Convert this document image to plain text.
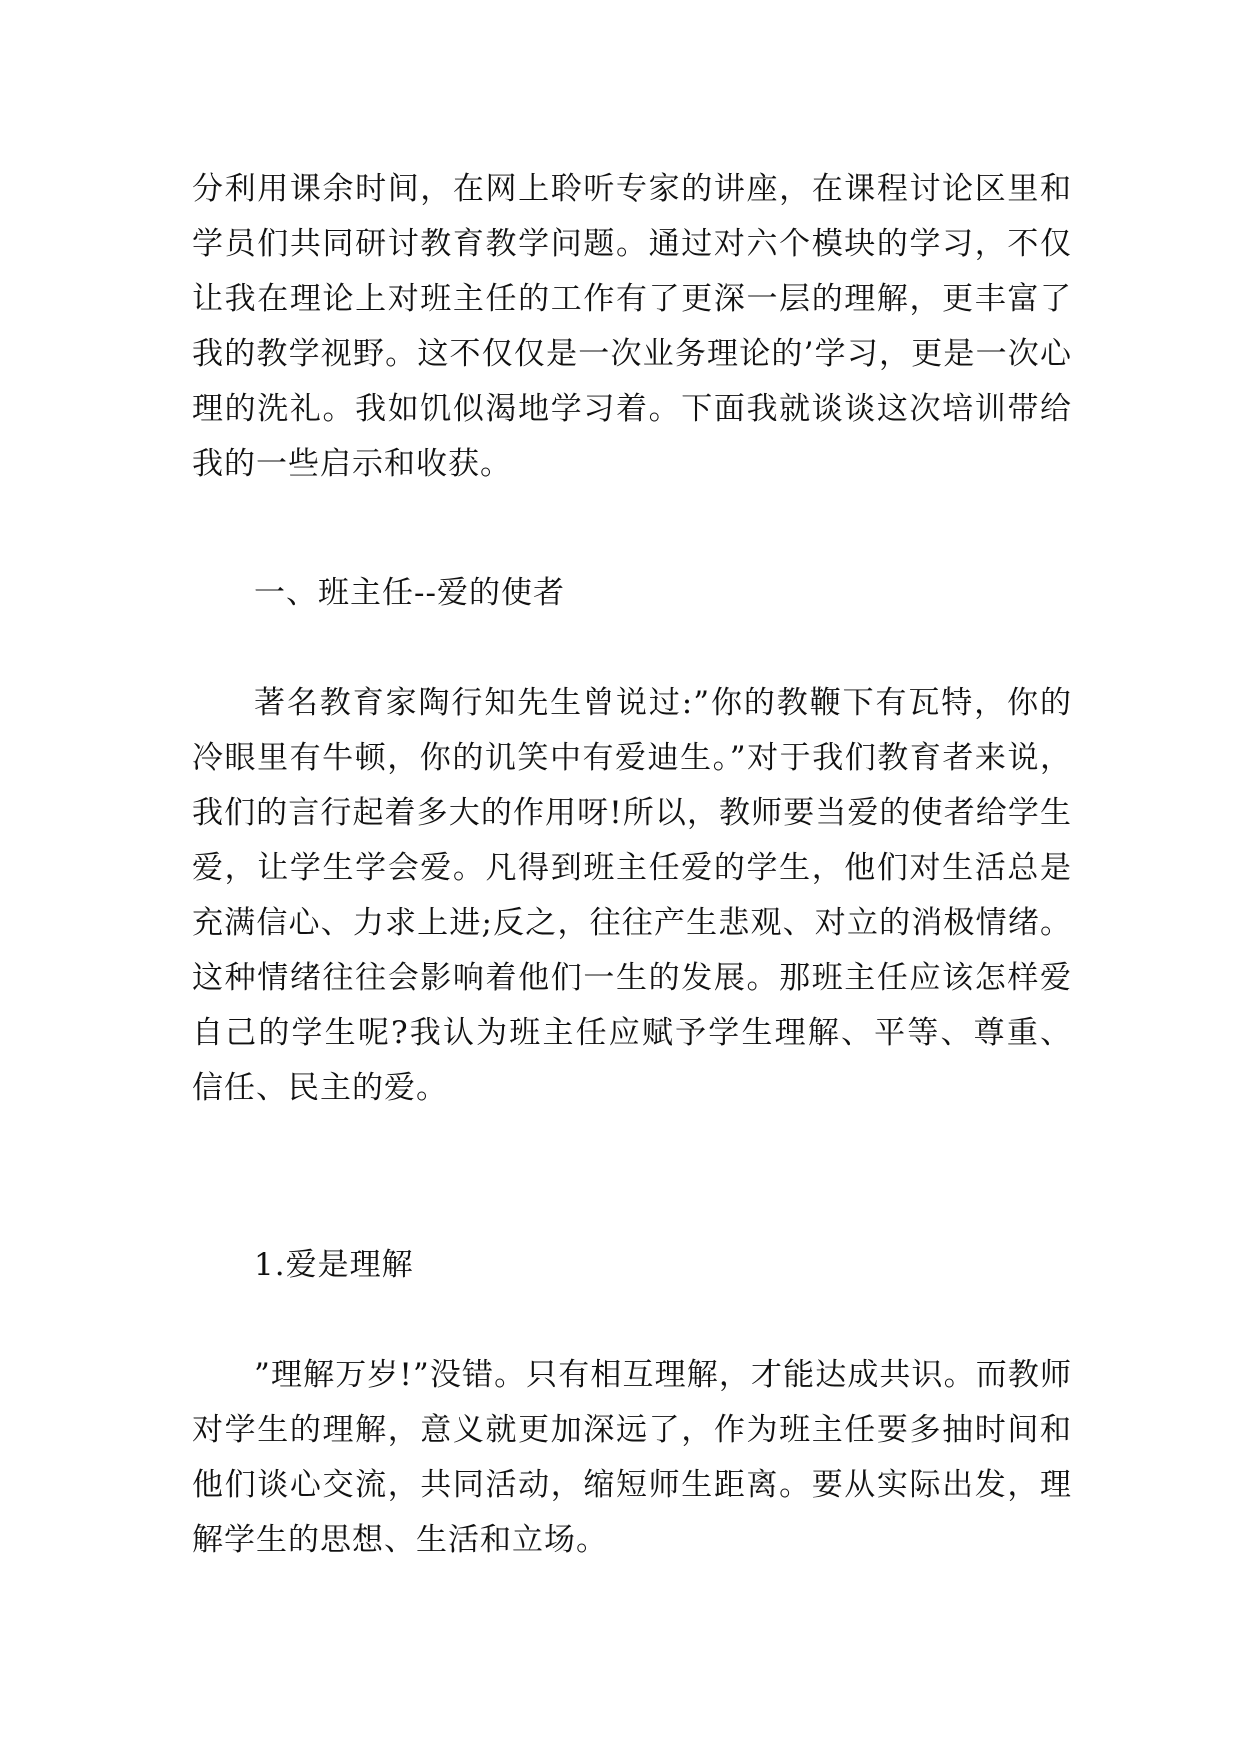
分利用课余时间，在网上聆听专家的讲座，在课程讨论区里和学员们共同研讨教育教学问题。通过对六个模块的学习，不仅让我在理论上对班主任的工作有了更深一层的理解，更丰富了我的教学视野。这不仅仅是一次业务理论的’学习，更是一次心理的洗礼。我如饥似渴地学习着。下面我就谈谈这次培训带给我的一些启示和收获。

一、班主任--爱的使者

著名教育家陶行知先生曾说过:”你的教鞭下有瓦特，你的冷眼里有牛顿，你的讥笑中有爱迪生。”对于我们教育者来说，我们的言行起着多大的作用呀!所以，教师要当爱的使者给学生爱，让学生学会爱。凡得到班主任爱的学生，他们对生活总是充满信心、力求上进;反之，往往产生悲观、对立的消极情绪。这种情绪往往会影响着他们一生的发展。那班主任应该怎样爱自己的学生呢?我认为班主任应赋予学生理解、平等、尊重、信任、民主的爱。

1.爱是理解

”理解万岁!”没错。只有相互理解，才能达成共识。而教师对学生的理解，意义就更加深远了，作为班主任要多抽时间和他们谈心交流，共同活动，缩短师生距离。要从实际出发，理解学生的思想、生活和立场。
